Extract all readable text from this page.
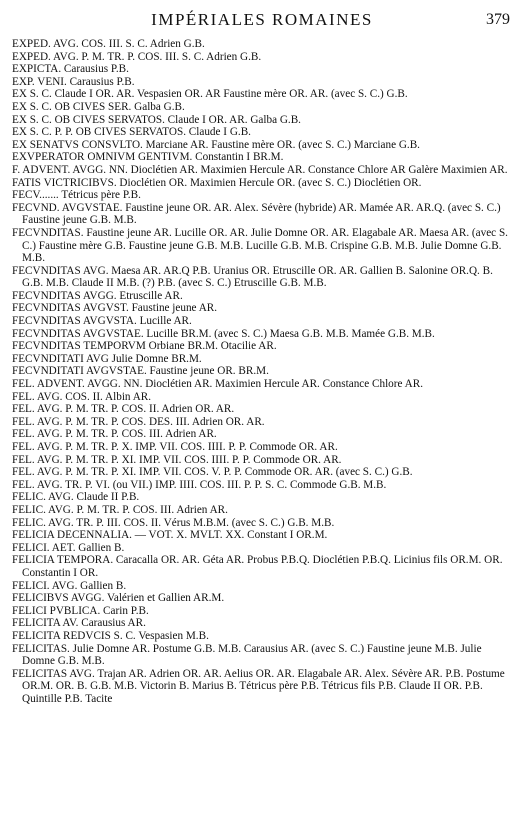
IMPÉRIALES ROMAINES	379
EXPED. AVG. COS. III. S. C. Adrien G.B.
EXPED. AVG. P. M. TR. P. COS. III. S. C. Adrien G.B.
EXPICTA. Carausius P.B.
EXP. VENI. Carausius P.B.
EX S. C. Claude I OR. AR. Vespasien OR. AR Faustine mère OR. AR. (avec S. C.) G.B.
EX S. C. OB CIVES SER. Galba G.B.
EX S. C. OB CIVES SERVATOS. Claude I OR. AR. Galba G.B.
EX S. C. P. P. OB CIVES SERVATOS. Claude I G.B.
EX SENATVS CONSVLTO. Marciane AR. Faustine mère OR. (avec S. C.) Marciane G.B.
EXVPERATOR OMNIVM GENTIVM. Constantin I BR.M.
F. ADVENT. AVGG. NN. Dioclétien AR. Maximien Hercule AR. Constance Chlore AR Galère Maximien AR.
FATIS VICTRICIBVS. Dioclétien OR. Maximien Hercule OR. (avec S. C.) Dioclétien OR.
FECV....... Tétricus père P.B.
FECVND. AVGVSTAE. Faustine jeune OR. AR. Alex. Sévère (hybride) AR. Mamée AR. AR.Q. (avec S. C.) Faustine jeune G.B. M.B.
FECVNDITAS. Faustine jeune AR. Lucille OR. AR. Julie Domne OR. AR. Elagabale AR. Maesa AR. (avec S. C.) Faustine mère G.B. Faustine jeune G.B. M.B. Lucille G.B. M.B. Crispine G.B. M.B. Julie Domne G.B. M.B.
FECVNDITAS AVG. Maesa AR. AR.Q P.B. Uranius OR. Etruscille OR. AR. Gallien B. Salonine OR.Q. B. G.B. M.B. Claude II M.B. (?) P.B. (avec S. C.) Etruscille G.B. M.B.
FECVNDITAS AVGG. Etruscille AR.
FECVNDITAS AVGVST. Faustine jeune AR.
FECVNDITAS AVGVSTA. Lucille AR.
FECVNDITAS AVGVSTAE. Lucille BR.M. (avec S. C.) Maesa G.B. M.B. Mamée G.B. M.B.
FECVNDITAS TEMPORVM Orbiane BR.M. Otacilie AR.
FECVNDITATI AVG Julie Domne BR.M.
FECVNDITATI AVGVSTAE. Faustine jeune OR. BR.M.
FEL. ADVENT. AVGG. NN. Dioclétien AR. Maximien Hercule AR. Constance Chlore AR.
FEL. AVG. COS. II. Albin AR.
FEL. AVG. P. M. TR. P. COS. II. Adrien OR. AR.
FEL. AVG. P. M. TR. P. COS. DES. III. Adrien OR. AR.
FEL. AVG. P. M. TR. P. COS. III. Adrien AR.
FEL. AVG. P. M. TR. P. X. IMP. VII. COS. IIII. P. P. Commode OR. AR.
FEL. AVG. P. M. TR. P. XI. IMP. VII. COS. IIII. P. P. Commode OR. AR.
FEL. AVG. P. M. TR. P. XI. IMP. VII. COS. V. P. P. Commode OR. AR. (avec S. C.) G.B.
FEL. AVG. TR. P. VI. (ou VII.) IMP. IIII. COS. III. P. P. S. C. Commode G.B. M.B.
FELIC. AVG. Claude II P.B.
FELIC. AVG. P. M. TR. P. COS. III. Adrien AR.
FELIC. AVG. TR. P. III. COS. II. Vérus M.B.M. (avec S. C.) G.B. M.B.
FELICIA DECENNALIA. — VOT. X. MVLT. XX. Constant I OR.M.
FELICI. AET. Gallien B.
FELICIA TEMPORA. Caracalla OR. AR. Géta AR. Probus P.B.Q. Dioclétien P.B.Q. Licinius fils OR.M. OR. Constantin I OR.
FELICI. AVG. Gallien B.
FELICIBVS AVGG. Valérien et Gallien AR.M.
FELICI PVBLICA. Carin P.B.
FELICITA AV. Carausius AR.
FELICITA REDVCIS S. C. Vespasien M.B.
FELICITAS. Julie Domne AR. Postume G.B. M.B. Carausius AR. (avec S. C.) Faustine jeune M.B. Julie Domne G.B. M.B.
FELICITAS AVG. Trajan AR. Adrien OR. AR. Aelius OR. AR. Elagabale AR. Alex. Sévère AR. P.B. Postume OR.M. OR. B. G.B. M.B. Victorin B. Marius B. Tétricus père P.B. Tétricus fils P.B. Claude II OR. P.B. Quintille P.B. Tacite
